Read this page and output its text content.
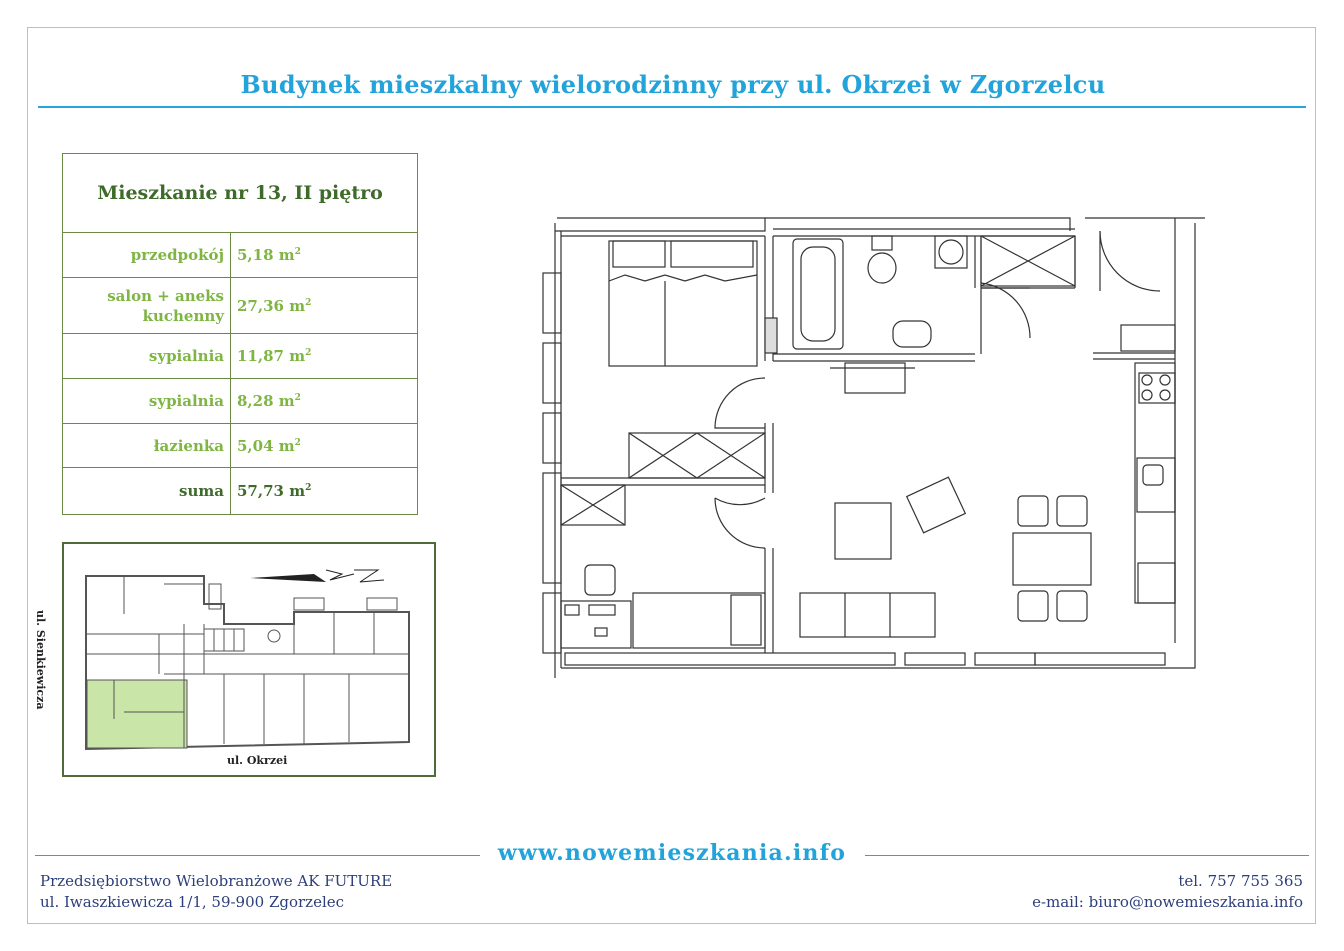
Budynek mieszkalny wielorodzinny przy ul. Okrzei w Zgorzelcu
Mieszkanie nr 13, II piętro	
przedpokój	5,18 $m^2$
salon + aneks kuchenny	27,36 $m^2$
sypialnia	11,87 $m^2$
sypialnia	8,28 $m^2$
łazienka	5,04 $m^2$
suma	57,73 $m^2$
ul. Okrzei
ul. Sienkiewicza
www.nowemieszkania.info
Przedsiębiorstwo Wielobranżowe AK FUTURE
ul. Iwaszkiewicza 1/1, 59-900 Zgorzelec
tel. 757 755 365
e-mail: biuro@nowemieszkania.info
